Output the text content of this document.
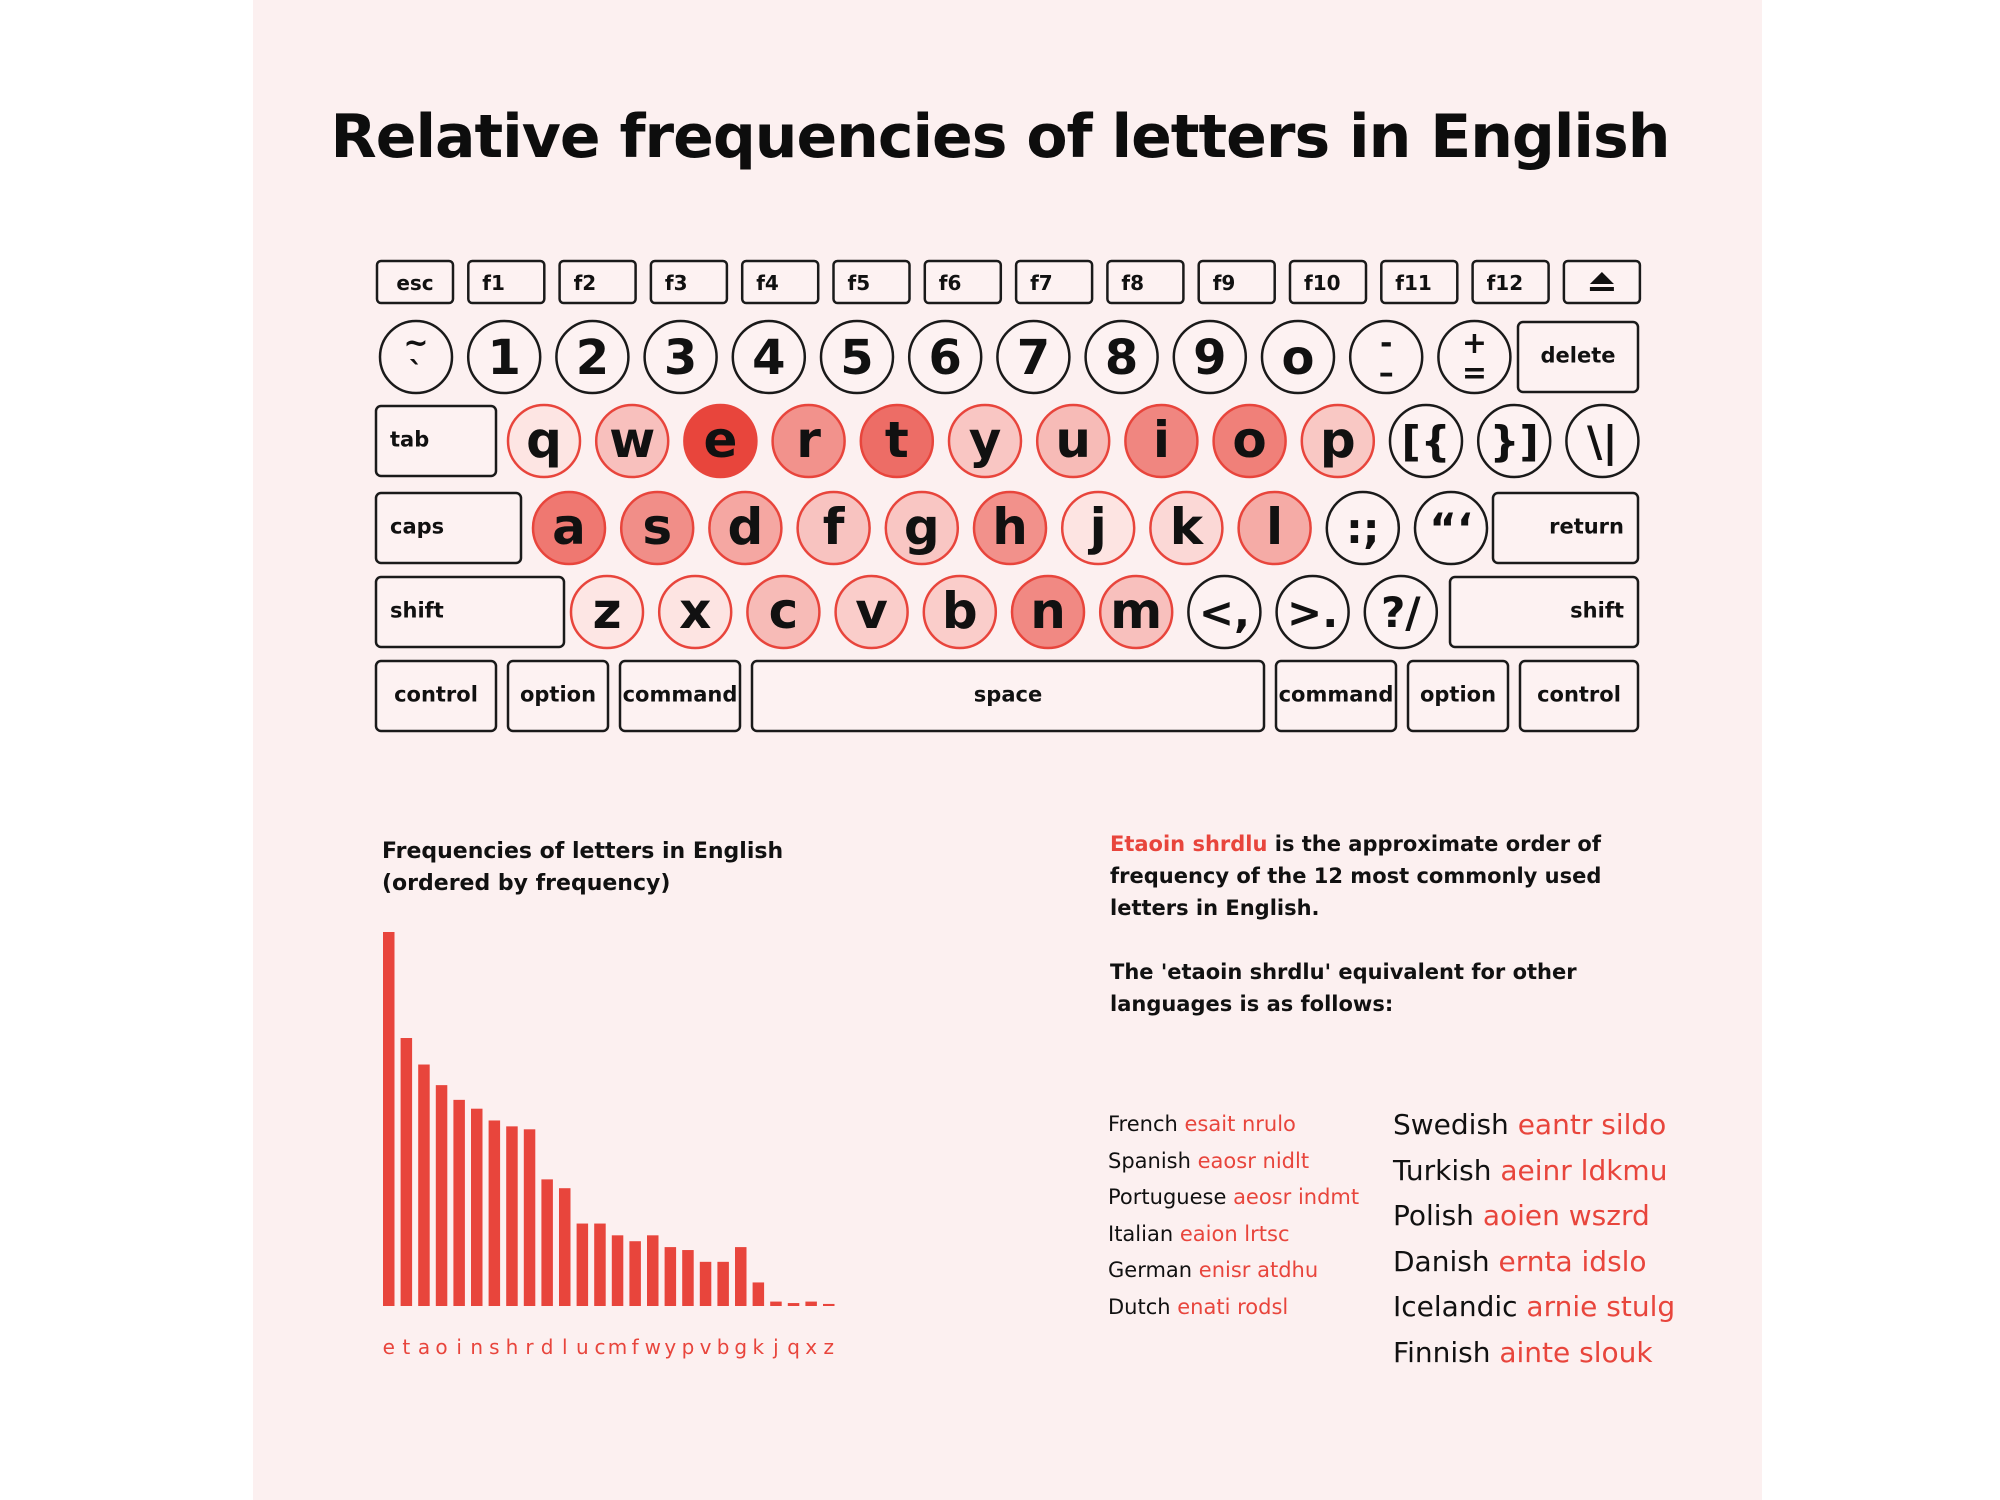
Relative frequencies of letters in English
esc f1	f2	f3	f4	f5	f6	f7	f8	f9	f10	f11	f12
~
` 1 2 3 4 5 6 7 8 9 o -
–
+
=
delete
tab q w e r t y u i o p [{ }] \|
caps a s d f g h j k l :; “‘	return
shift	z x c v b n m <, >. ?/	shift
control option command	space	command option control
Frequencies of letters in English
(ordered by frequency)
e t a o i n s h r d l u c m f w y p v b g k j q x z

Etaoin shrdlu is the approximate order of frequency of the 12 most commonly used letters in English.

The 'etaoin shrdlu' equivalent for other languages is as follows:

French esait nrulo
Spanish eaosr nidlt
Portuguese aeosr indmt
Italian eaion lrtsc
German enisr atdhu
Dutch enati rodsl
Swedish eantr sildo
Turkish aeinr ldkmu
Polish aoien wszrd
Danish ernta idslo
Icelandic arnie stulg
Finnish ainte slouk
